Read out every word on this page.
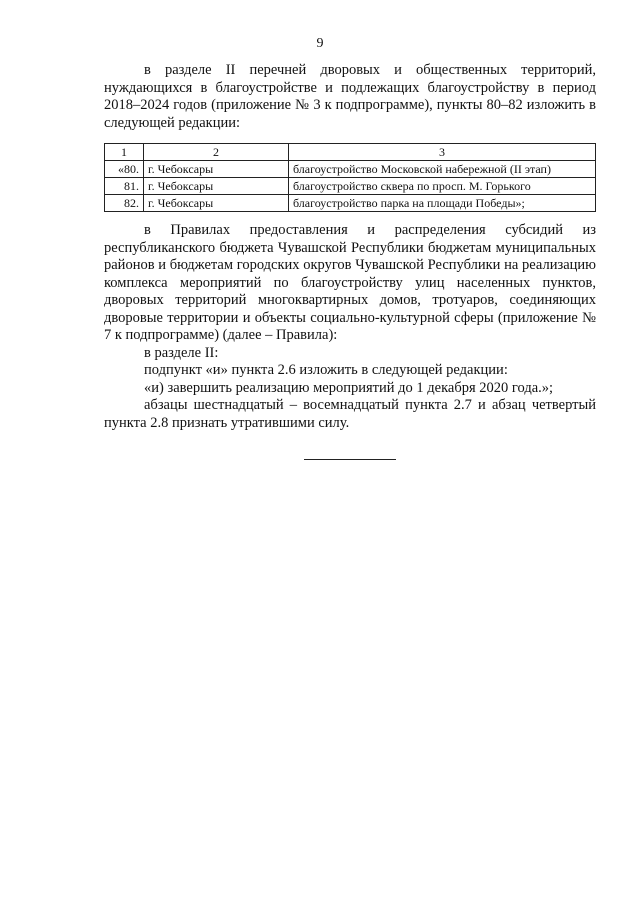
9

в разделе II перечней дворовых и общественных территорий, нуждающихся в благоустройстве и подлежащих благоустройству в период 2018–2024 годов (приложение № 3 к подпрограмме), пункты 80–82 изложить в следующей редакции:

1	2	3
«80.	г. Чебоксары	благоустройство Московской набережной (II этап)
81.	г. Чебоксары	благоустройство сквера по просп. М. Горького
82.	г. Чебоксары	благоустройство парка на площади Победы»;

в Правилах предоставления и распределения субсидий из республиканского бюджета Чувашской Республики бюджетам муниципальных районов и бюджетам городских округов Чувашской Республики на реализацию комплекса мероприятий по благоустройству улиц населенных пунктов, дворовых территорий многоквартирных домов, тротуаров, соединяющих дворовые территории и объекты социально-культурной сферы (приложение № 7 к подпрограмме) (далее – Правила):

в разделе II:

подпункт «и» пункта 2.6 изложить в следующей редакции:

«и) завершить реализацию мероприятий до 1 декабря 2020 года.»;

абзацы шестнадцатый – восемнадцатый пункта 2.7 и абзац четвертый пункта 2.8 признать утратившими силу.
